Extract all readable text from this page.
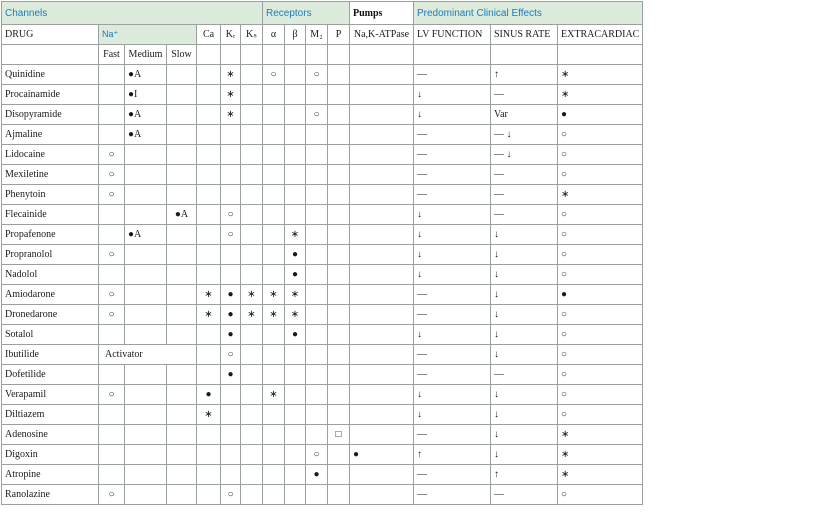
Channels							Receptors				Pumps	Predominant Clinical Effects		
DRUG	Na⁺			Ca	Kᵣ	Kₛ	α	β	M₂	P	Na,K-ATPase	LV FUNCTION	SINUS RATE	EXTRACARDIAC
	Fast	Medium	Slow											
Quinidine		●A			∗		○		○			—	↑	∗
Procainamide		●I			∗							↓	—	∗
Disopyramide		●A			∗				○			↓	Var	●
Ajmaline		●A										—	— ↓	○
Lidocaine	○											—	— ↓	○
Mexiletine	○											—	—	○
Phenytoin	○											—	—	∗
Flecainide			●A		○							↓	—	○
Propafenone		●A			○			∗				↓	↓	○
Propranolol	○							●				↓	↓	○
Nadolol								●				↓	↓	○
Amiodarone	○			∗	●	∗	∗	∗				—	↓	●
Dronedarone	○			∗	●	∗	∗	∗				—	↓	○
Sotalol					●			●				↓	↓	○
Ibutilide	Activator				○							—	↓	○
Dofetilide					●							—	—	○
Verapamil	○			●			∗					↓	↓	○
Diltiazem				∗								↓	↓	○
Adenosine										□		—	↓	∗
Digoxin									○		●	↑	↓	∗
Atropine									●			—	↑	∗
Ranolazine	○				○							—	—	○
